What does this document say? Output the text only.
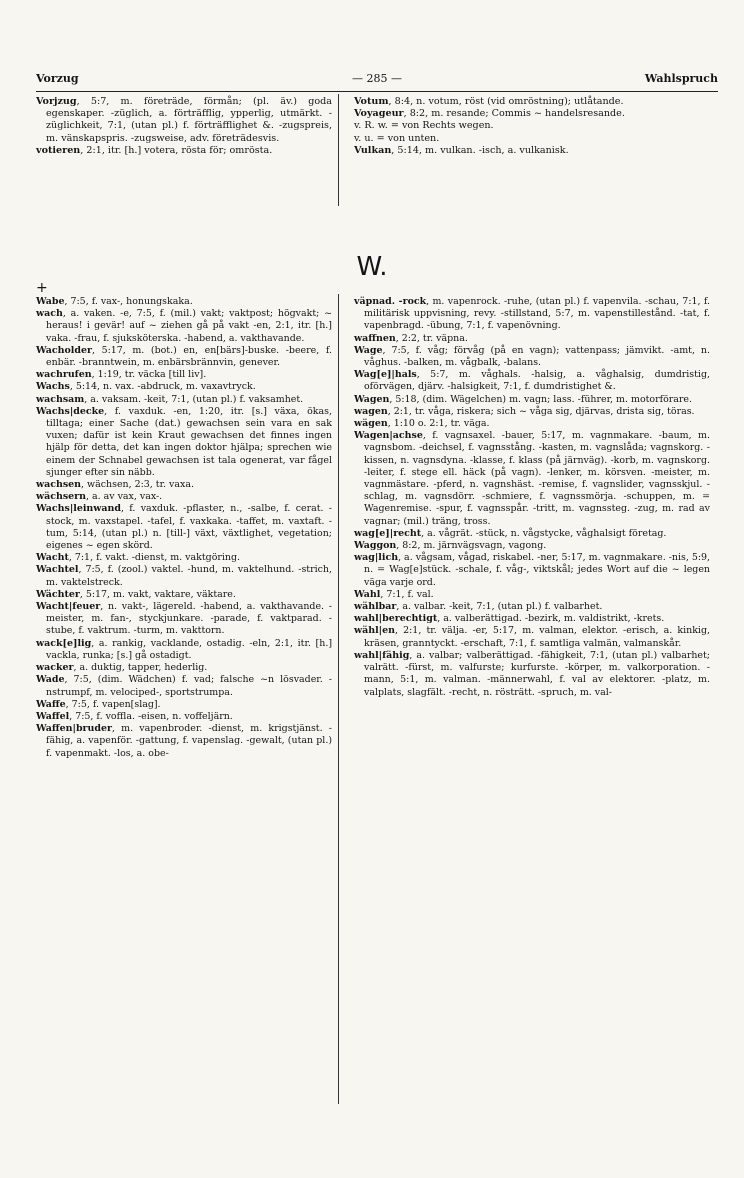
Vorzug	— 285 —	Wahlspruch

Vorjzug, 5:7, m. företräde, förmån; (pl. äv.) goda egenskaper. -züglich, a. förträfflig, ypperlig, utmärkt. -züglichkeit, 7:1, (utan pl.) f. förträfflighet &. -zugspreis, m. vänskapspris. -zugsweise, adv. företrädesvis.

votieren, 2:1, itr. [h.] votera, rösta för; omrösta.

Votum, 8:4, n. votum, röst (vid omröstning); utlåtande.

Voyageur, 8:2, m. resande; Commis ~ handelsresande.

v. R. w. = von Rechts wegen.

v. u. = von unten.

Vulkan, 5:14, m. vulkan. -isch, a. vulkanisk.

W.
+

Wabe, 7:5, f. vax-, honungskaka.

wach, a. vaken. -e, 7:5, f. (mil.) vakt; vaktpost; högvakt; ~ heraus! i gevär! auf ~ ziehen gå på vakt -en, 2:1, itr. [h.] vaka. -frau, f. sjuksköterska. -habend, a. vakthavande.

Wacholder, 5:17, m. (bot.) en, en[bärs]-buske. -beere, f. enbär. -branntwein, m. enbärsbrännvin, genever.

wachrufen, 1:19, tr. väcka [till liv].

Wachs, 5:14, n. vax. -abdruck, m. vaxavtryck.

wachsam, a. vaksam. -keit, 7:1, (utan pl.) f. vaksamhet.

Wachs|decke, f. vaxduk. -en, 1:20, itr. [s.] växa, ökas, tilltaga; einer Sache (dat.) gewachsen sein vara en sak vuxen; dafür ist kein Kraut gewachsen det finnes ingen hjälp för detta, det kan ingen doktor hjälpa; sprechen wie einem der Schnabel gewachsen ist tala ogenerat, var fågel sjunger efter sin näbb.

wachsen, wächsen, 2:3, tr. vaxa.

wächsern, a. av vax, vax-.

Wachs|leinwand, f. vaxduk. -pflaster, n., -salbe, f. cerat. -stock, m. vaxstapel. -tafel, f. vaxkaka. -taffet, m. vaxtaft. -tum, 5:14, (utan pl.) n. [till-] växt, växtlighet, vegetation; eigenes ~ egen skörd.

Wacht, 7:1, f. vakt. -dienst, m. vaktgöring.

Wachtel, 7:5, f. (zool.) vaktel. -hund, m. vaktelhund. -strich, m. vaktelstreck.

Wächter, 5:17, m. vakt, vaktare, väktare.

Wacht|feuer, n. vakt-, lägereld. -habend, a. vakthavande. -meister, m. fan-, styckjunkare. -parade, f. vaktparad. -stube, f. vaktrum. -turm, m. vakttorn.

wack[e]lig, a. rankig, vacklande, ostadig. -eln, 2:1, itr. [h.] vackla, runka; [s.] gå ostadigt.

wacker, a. duktig, tapper, hederlig.

Wade, 7:5, (dim. Wädchen) f. vad; falsche ~n lösvader. -nstrumpf, m. velociped-, sportstrumpa.

Waffe, 7:5, f. vapen[slag].

Waffel, 7:5, f. voffla. -eisen, n. voffeljärn.

Waffen|bruder, m. vapenbroder. -dienst, m. krigstjänst. -fähig, a. vapenför. -gattung, f. vapenslag. -gewalt, (utan pl.) f. vapenmakt. -los, a. obe-

väpnad. -rock, m. vapenrock. -ruhe, (utan pl.) f. vapenvila. -schau, 7:1, f. militärisk uppvisning, revy. -stillstand, 5:7, m. vapenstillestånd. -tat, f. vapenbragd. -übung, 7:1, f. vapenövning.

waffnen, 2:2, tr. väpna.

Wage, 7:5, f. våg; förvåg (på en vagn); vattenpass; jämvikt. -amt, n. våghus. -balken, m. vågbalk, -balans.

Wag[e]|hals, 5:7, m. våghals. -halsig, a. våghalsig, dumdristig, oförvägen, djärv. -halsigkeit, 7:1, f. dumdristighet &.

Wagen, 5:18, (dim. Wägelchen) m. vagn; lass. -führer, m. motorförare.

wagen, 2:1, tr. våga, riskera; sich ~ våga sig, djärvas, drista sig, töras.

wägen, 1:10 o. 2:1, tr. väga.

Wagen|achse, f. vagnsaxel. -bauer, 5:17, m. vagnmakare. -baum, m. vagnsbom. -deichsel, f. vagnsstång. -kasten, m. vagnslåda; vagnskorg. -kissen, n. vagnsdyna. -klasse, f. klass (på järnväg). -korb, m. vagnskorg. -leiter, f. stege ell. häck (på vagn). -lenker, m. körsven. -meister, m. vagnmästare. -pferd, n. vagnshäst. -remise, f. vagnslider, vagnsskjul. -schlag, m. vagnsdörr. -schmiere, f. vagnssmörja. -schuppen, m. = Wagenremise. -spur, f. vagnsspår. -tritt, m. vagnssteg. -zug, m. rad av vagnar; (mil.) träng, tross.

wag[e]|recht, a. vågrät. -stück, n. vågstycke, våghalsigt företag.

Waggon, 8:2, m. järnvägsvagn, vagong.

wag|lich, a. vågsam, vågad, riskabel. -ner, 5:17, m. vagnmakare. -nis, 5:9, n. = Wag[e]stück. -schale, f. våg-, viktskål; jedes Wort auf die ~ legen väga varje ord.

Wahl, 7:1, f. val.

wählbar, a. valbar. -keit, 7:1, (utan pl.) f. valbarhet.

wahl|berechtigt, a. valberättigad. -bezirk, m. valdistrikt, -krets.

wähl|en, 2:1, tr. välja. -er, 5:17, m. valman, elektor. -erisch, a. kinkig, kräsen, granntyckt. -erschaft, 7:1, f. samtliga valmän, valmanskår.

wahl|fähig, a. valbar; valberättigad. -fähigkeit, 7:1, (utan pl.) valbarhet; valrätt. -fürst, m. valfurste; kurfurste. -körper, m. valkorporation. -mann, 5:1, m. valman. -männerwahl, f. val av elektorer. -platz, m. valplats, slagfält. -recht, n. rösträtt. -spruch, m. val-
